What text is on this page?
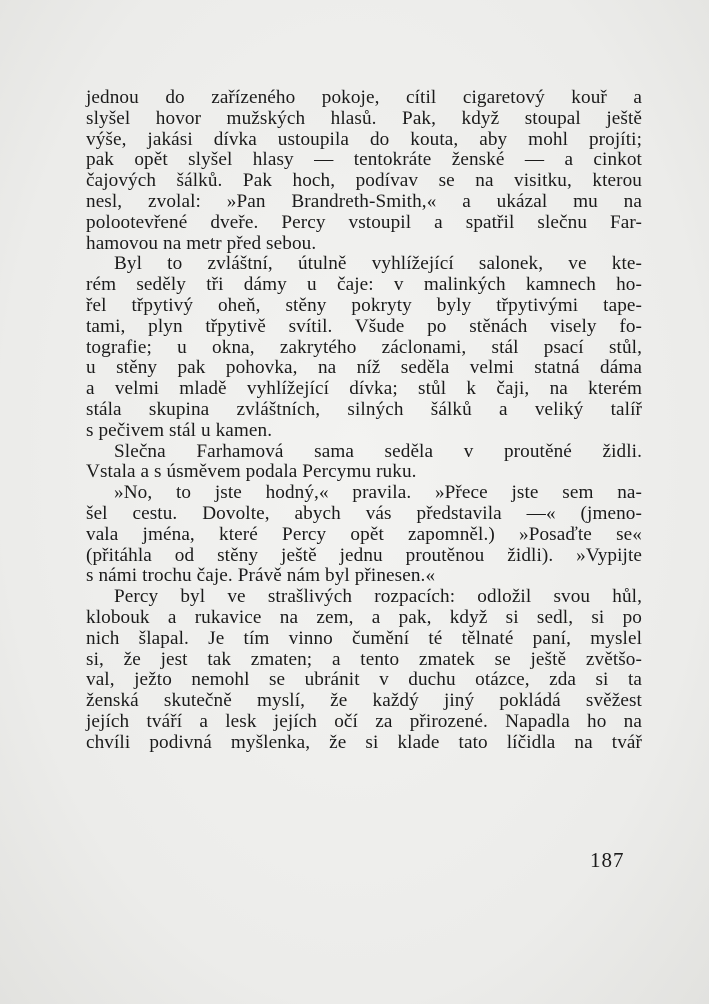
jednou do zařízeného pokoje, cítil cigaretový kouř a
slyšel hovor mužských hlasů. Pak, když stoupal ještě
výše, jakási dívka ustoupila do kouta, aby mohl projíti;
pak opět slyšel hlasy — tentokráte ženské — a cinkot
čajových šálků. Pak hoch, podívav se na visitku, kterou
nesl, zvolal: »Pan Brandreth-Smith,« a ukázal mu na
polootevřené dveře. Percy vstoupil a spatřil slečnu Far-
hamovou na metr před sebou.
Byl to zvláštní, útulně vyhlížející salonek, ve kte-
rém seděly tři dámy u čaje: v malinkých kamnech ho-
řel třpytivý oheň, stěny pokryty byly třpytivými tape-
tami, plyn třpytivě svítil. Všude po stěnách visely fo-
tografie; u okna, zakrytého záclonami, stál psací stůl,
u stěny pak pohovka, na níž seděla velmi statná dáma
a velmi mladě vyhlížející dívka; stůl k čaji, na kterém
stála skupina zvláštních, silných šálků a veliký talíř
s pečivem stál u kamen.
Slečna Farhamová sama seděla v proutěné židli.
Vstala a s úsměvem podala Percymu ruku.
»No, to jste hodný,« pravila. »Přece jste sem na-
šel cestu. Dovolte, abych vás představila —« (jmeno-
vala jména, které Percy opět zapomněl.) »Posaďte se«
(přitáhla od stěny ještě jednu proutěnou židli). »Vypijte
s námi trochu čaje. Právě nám byl přinesen.«
Percy byl ve strašlivých rozpacích: odložil svou hůl,
klobouk a rukavice na zem, a pak, když si sedl, si po
nich šlapal. Je tím vinno čumění té tělnaté paní, myslel
si, že jest tak zmaten; a tento zmatek se ještě zvětšo-
val, ježto nemohl se ubránit v duchu otázce, zda si ta
ženská skutečně myslí, že každý jiný pokládá svěžest
jejích tváří a lesk jejích očí za přirozené. Napadla ho na
chvíli podivná myšlenka, že si klade tato líčidla na tvář
187
